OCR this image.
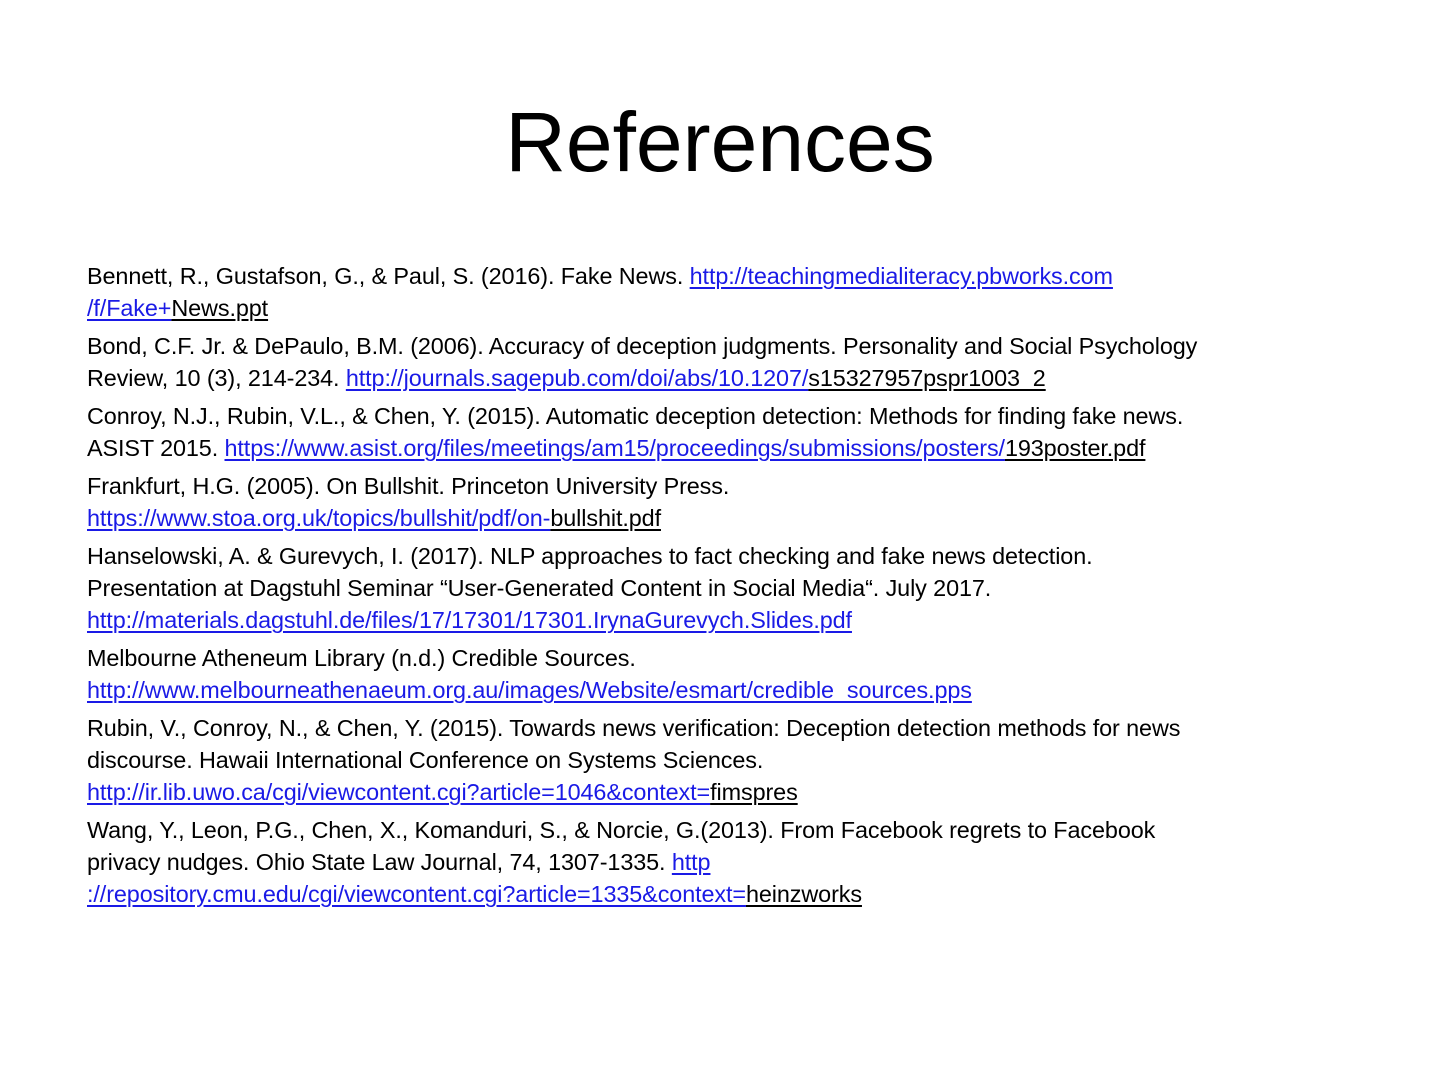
References

Bennett, R., Gustafson, G., & Paul, S. (2016). Fake News. http://teachingmedialiteracy.pbworks.com
/f/Fake+News.ppt

Bond, C.F. Jr. & DePaulo, B.M. (2006). Accuracy of deception judgments. Personality and Social Psychology
Review, 10 (3), 214-234. http://journals.sagepub.com/doi/abs/10.1207/s15327957pspr1003_2

Conroy, N.J., Rubin, V.L., & Chen, Y. (2015). Automatic deception detection: Methods for finding fake news.
ASIST 2015. https://www.asist.org/files/meetings/am15/proceedings/submissions/posters/193poster.pdf

Frankfurt, H.G. (2005). On Bullshit. Princeton University Press.
https://www.stoa.org.uk/topics/bullshit/pdf/on-bullshit.pdf

Hanselowski, A. & Gurevych, I. (2017). NLP approaches to fact checking and fake news detection.
Presentation at Dagstuhl Seminar “User-Generated Content in Social Media“. July 2017.
http://materials.dagstuhl.de/files/17/17301/17301.IrynaGurevych.Slides.pdf

Melbourne Atheneum Library (n.d.) Credible Sources.
http://www.melbourneathenaeum.org.au/images/Website/esmart/credible_sources.pps

Rubin, V., Conroy, N., & Chen, Y. (2015). Towards news verification: Deception detection methods for news
discourse. Hawaii International Conference on Systems Sciences.
http://ir.lib.uwo.ca/cgi/viewcontent.cgi?article=1046&context=fimspres

Wang, Y., Leon, P.G., Chen, X., Komanduri, S., & Norcie, G.(2013). From Facebook regrets to Facebook
privacy nudges. Ohio State Law Journal, 74, 1307-1335. http
://repository.cmu.edu/cgi/viewcontent.cgi?article=1335&context=heinzworks
